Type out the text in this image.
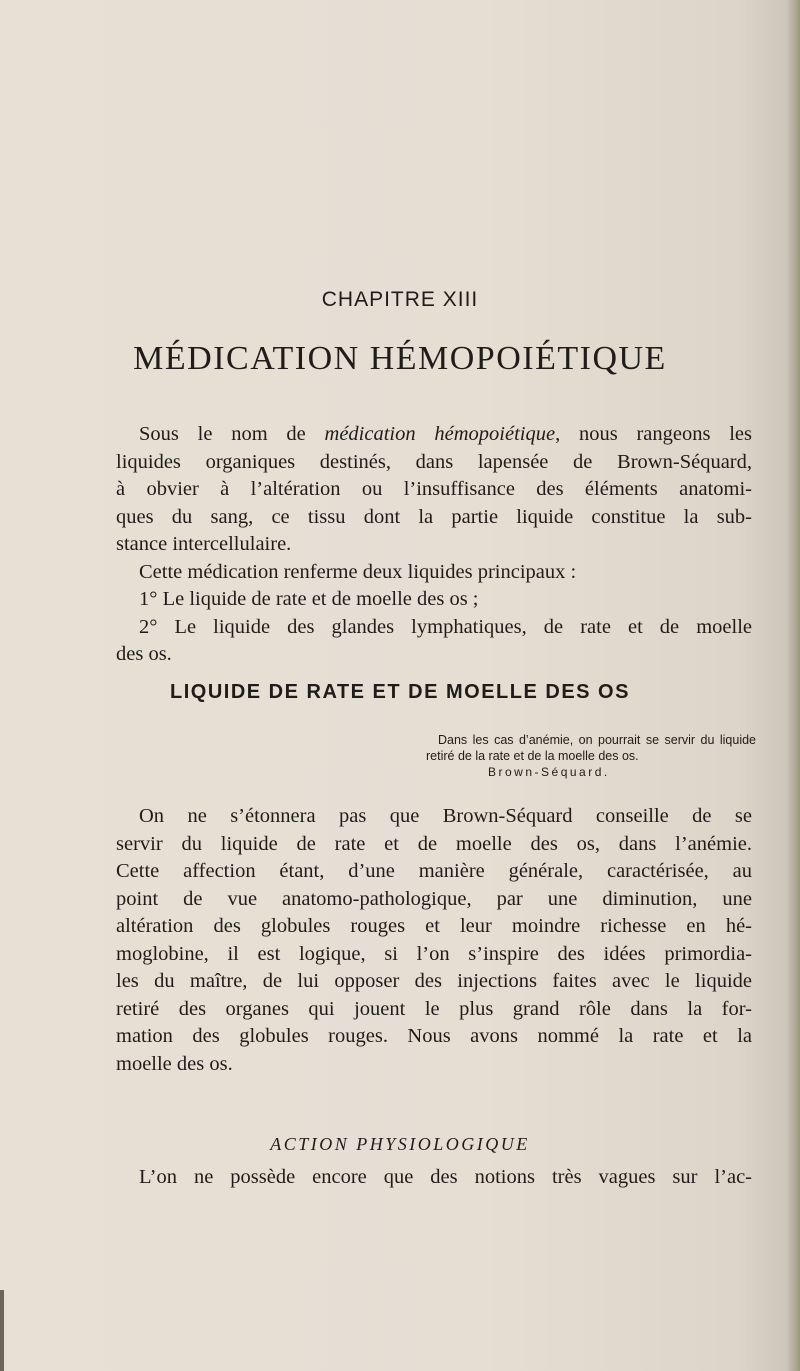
CHAPITRE XIII
MÉDICATION HÉMOPOIÉTIQUE

Sous le nom de médication hémopoiétique, nous rangeons les
liquides organiques destinés, dans lapensée de Brown-Séquard,
à obvier à l’altération ou l’insuffisance des éléments anatomi-
ques du sang, ce tissu dont la partie liquide constitue la sub-
stance intercellulaire.

Cette médication renferme deux liquides principaux :

1° Le liquide de rate et de moelle des os ;

2° Le liquide des glandes lymphatiques, de rate et de moelle
des os.

LIQUIDE DE RATE ET DE MOELLE DES OS
Dans les cas d’anémie, on pourrait se servir du liquide retiré de la rate et de la moelle des os.
Brown-Séquard.

On ne s’étonnera pas que Brown-Séquard conseille de se
servir du liquide de rate et de moelle des os, dans l’anémie.
Cette affection étant, d’une manière générale, caractérisée, au
point de vue anatomo-pathologique, par une diminution, une
altération des globules rouges et leur moindre richesse en hé-
moglobine, il est logique, si l’on s’inspire des idées primordia-
les du maître, de lui opposer des injections faites avec le liquide
retiré des organes qui jouent le plus grand rôle dans la for-
mation des globules rouges. Nous avons nommé la rate et la
moelle des os.

ACTION PHYSIOLOGIQUE

L’on ne possède encore que des notions très vagues sur l’ac-
